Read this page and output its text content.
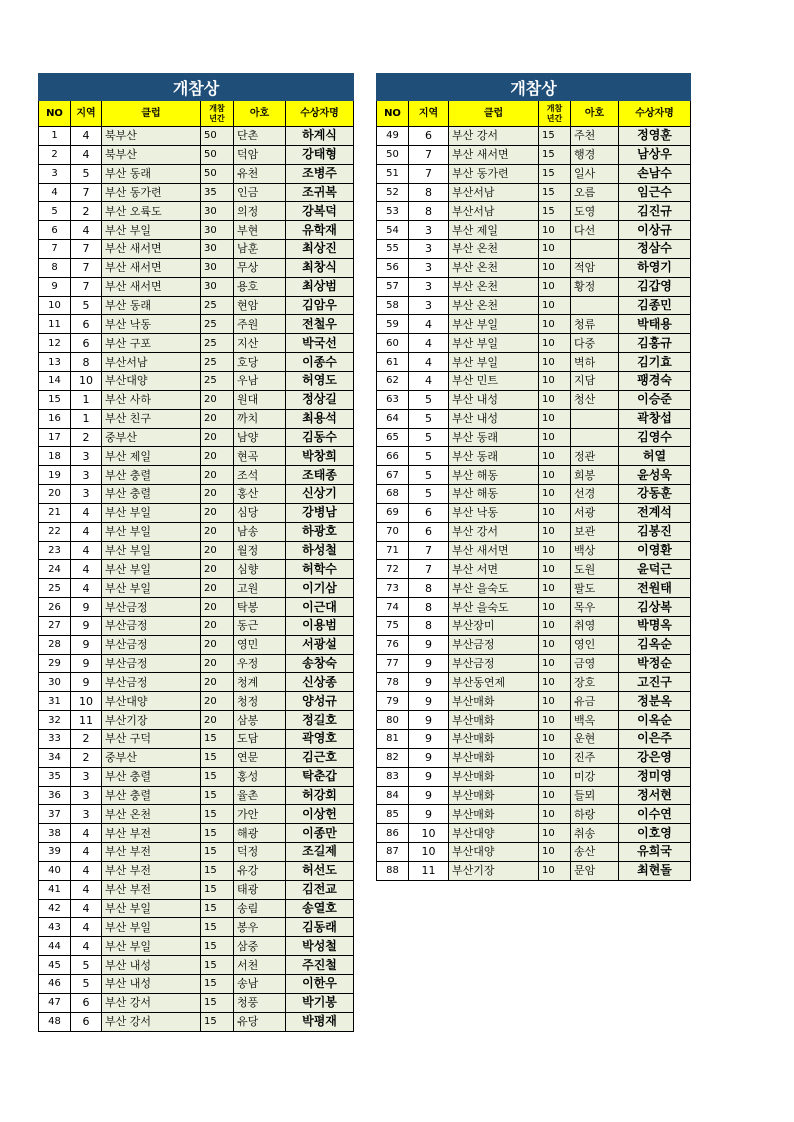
개참상					
NO	지역	클럽	개참
년간	아호	수상자명
1	4	북부산	50	단촌	하계식
2	4	북부산	50	덕암	강태형
3	5	부산 동래	50	유천	조병주
4	7	부산 동가련	35	인금	조귀복
5	2	부산 오륙도	30	의정	강복덕
6	4	부산 부일	30	부현	유학재
7	7	부산 새서면	30	남훈	최상진
8	7	부산 새서면	30	무상	최창식
9	7	부산 새서면	30	용호	최상범
10	5	부산 동래	25	현암	김암우
11	6	부산 낙동	25	주원	전철우
12	6	부산 구포	25	지산	박국선
13	8	부산서남	25	호당	이종수
14	10	부산대양	25	우남	허영도
15	1	부산 사하	20	원대	정상길
16	1	부산 친구	20	까치	최용석
17	2	중부산	20	남양	김동수
18	3	부산 제일	20	현곡	박창희
19	3	부산 충렬	20	조석	조태종
20	3	부산 충렬	20	홍산	신상기
21	4	부산 부일	20	심당	강병남
22	4	부산 부일	20	남송	하광호
23	4	부산 부일	20	월정	하성철
24	4	부산 부일	20	심향	허학수
25	4	부산 부일	20	고원	이기삼
26	9	부산금정	20	탁봉	이근대
27	9	부산금정	20	동근	이용범
28	9	부산금정	20	영민	서광설
29	9	부산금정	20	우정	송창숙
30	9	부산금정	20	청계	신상종
31	10	부산대양	20	청정	양성규
32	11	부산기장	20	삼봉	정길호
33	2	부산 구덕	15	도담	곽영호
34	2	중부산	15	연문	김근호
35	3	부산 충렬	15	홍성	탁춘갑
36	3	부산 충렬	15	율촌	허강회
37	3	부산 온천	15	가안	이상헌
38	4	부산 부전	15	해광	이종만
39	4	부산 부전	15	덕정	조길제
40	4	부산 부전	15	유강	허선도
41	4	부산 부전	15	태광	김전교
42	4	부산 부일	15	송림	송열호
43	4	부산 부일	15	봉우	김동래
44	4	부산 부일	15	삼중	박성철
45	5	부산 내성	15	서천	주진철
46	5	부산 내성	15	송남	이한우
47	6	부산 강서	15	청풍	박기봉
48	6	부산 강서	15	유당	박평재
개참상					
NO	지역	클럽	개참
년간	아호	수상자명
49	6	부산 강서	15	주천	정영훈
50	7	부산 새서면	15	행경	남상우
51	7	부산 동가련	15	일사	손남수
52	8	부산서남	15	오름	임근수
53	8	부산서남	15	도영	김진규
54	3	부산 제일	10	다선	이상규
55	3	부산 온천	10		정삼수
56	3	부산 온천	10	적암	하영기
57	3	부산 온천	10	황정	김갑영
58	3	부산 온천	10		김종민
59	4	부산 부일	10	청류	박태용
60	4	부산 부일	10	다중	김홍규
61	4	부산 부일	10	벽하	김기효
62	4	부산 민트	10	지담	팽경숙
63	5	부산 내성	10	청산	이승준
64	5	부산 내성	10		곽창섭
65	5	부산 동래	10		김영수
66	5	부산 동래	10	정관	허열
67	5	부산 해동	10	희봉	윤성욱
68	5	부산 해동	10	선경	강동훈
69	6	부산 낙동	10	서광	전계석
70	6	부산 강서	10	보관	김봉진
71	7	부산 새서면	10	백상	이영환
72	7	부산 서면	10	도원	윤덕근
73	8	부산 을숙도	10	팔도	전원태
74	8	부산 을숙도	10	목우	김상복
75	8	부산장미	10	취영	박명옥
76	9	부산금정	10	영인	김옥순
77	9	부산금정	10	금영	박정순
78	9	부산동연제	10	장호	고진구
79	9	부산매화	10	유금	정분옥
80	9	부산매화	10	백옥	이옥순
81	9	부산매화	10	운현	이은주
82	9	부산매화	10	진주	강은영
83	9	부산매화	10	미강	정미영
84	9	부산매화	10	들뫼	정서현
85	9	부산매화	10	하랑	이수연
86	10	부산대양	10	취송	이호영
87	10	부산대양	10	송산	유희국
88	11	부산기장	10	문암	최현돌
